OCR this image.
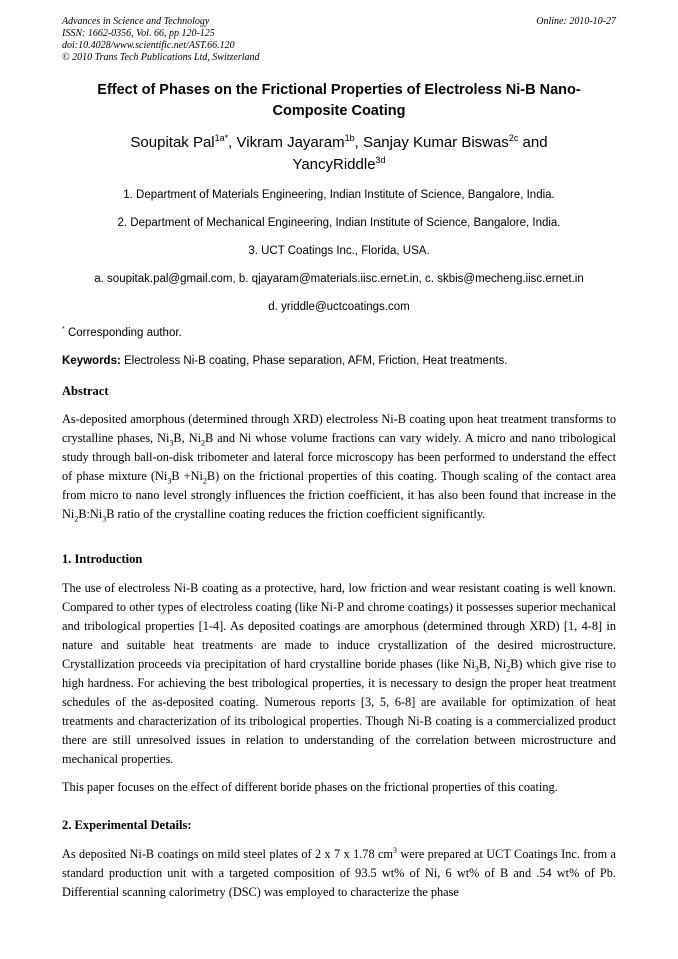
Advances in Science and Technology
ISSN: 1662-0356, Vol. 66, pp 120-125
doi:10.4028/www.scientific.net/AST.66.120
© 2010 Trans Tech Publications Ltd, Switzerland
Online: 2010-10-27
Effect of Phases on the Frictional Properties of Electroless Ni-B Nano-Composite Coating
Soupitak Pal$^{1a*}$, Vikram Jayaram$^{1b}$, Sanjay Kumar Biswas$^{2c}$ and
YancyRiddle$^{3d}$
1. Department of Materials Engineering, Indian Institute of Science, Bangalore, India.
2. Department of Mechanical Engineering, Indian Institute of Science, Bangalore, India.
3. UCT Coatings Inc., Florida, USA.
a. soupitak.pal@gmail.com, b. qjayaram@materials.iisc.ernet.in, c. skbis@mecheng.iisc.ernet.in
d. yriddle@uctcoatings.com
* Corresponding author.
Keywords: Electroless Ni-B coating, Phase separation, AFM, Friction, Heat treatments.
Abstract
As-deposited amorphous (determined through XRD) electroless Ni-B coating upon heat treatment transforms to crystalline phases, $Ni_3B$, $Ni_2B$ and Ni whose volume fractions can vary widely. A micro and nano tribological study through ball-on-disk tribometer and lateral force microscopy has been performed to understand the effect of phase mixture $(Ni_3B +Ni_2B)$ on the frictional properties of this coating. Though scaling of the contact area from micro to nano level strongly influences the friction coefficient, it has also been found that increase in the $Ni_2B:Ni_3B$ ratio of the crystalline coating reduces the friction coefficient significantly.
1. Introduction
The use of electroless Ni-B coating as a protective, hard, low friction and wear resistant coating is well known. Compared to other types of electroless coating (like Ni-P and chrome coatings) it possesses superior mechanical and tribological properties [1-4]. As deposited coatings are amorphous (determined through XRD) [1, 4-8] in nature and suitable heat treatments are made to induce crystallization of the desired microstructure. Crystallization proceeds via precipitation of hard crystalline boride phases (like $Ni_3B$, $Ni_2B$) which give rise to high hardness. For achieving the best tribological properties, it is necessary to design the proper heat treatment schedules of the as-deposited coating. Numerous reports [3, 5, 6-8] are available for optimization of heat treatments and characterization of its tribological properties. Though Ni-B coating is a commercialized product there are still unresolved issues in relation to understanding of the correlation between microstructure and mechanical properties.
This paper focuses on the effect of different boride phases on the frictional properties of this coating.
2. Experimental Details:
As deposited Ni-B coatings on mild steel plates of 2 x 7 x 1.78 $cm^3$ were prepared at UCT Coatings Inc. from a standard production unit with a targeted composition of 93.5 wt% of Ni, 6 wt% of B and .54 wt% of Pb. Differential scanning calorimetry (DSC) was employed to characterize the phase
